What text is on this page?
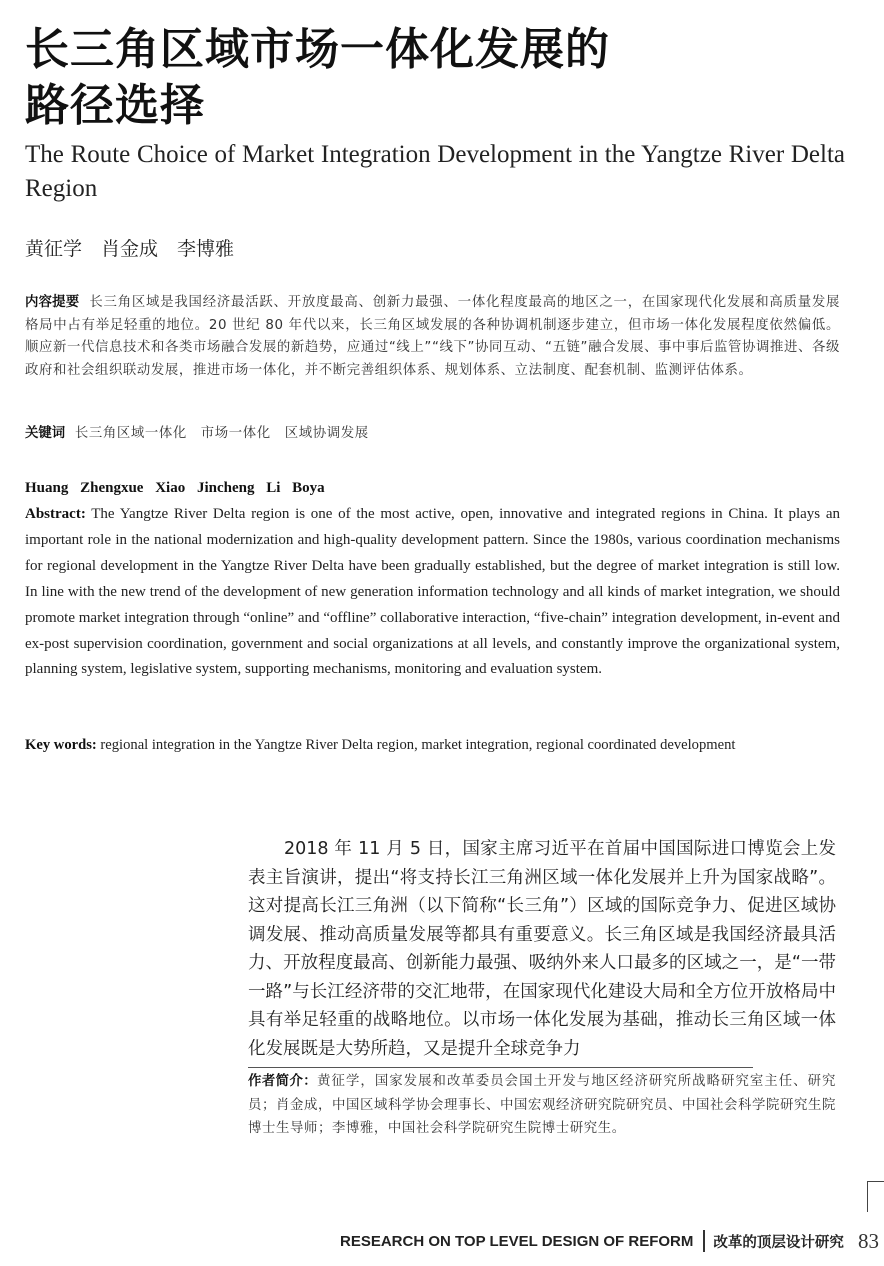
长三角区域市场一体化发展的
路径选择
The Route Choice of Market Integration Development in the Yangtze River Delta Region

黄征学　肖金成　李博雅

内容提要 长三角区域是我国经济最活跃、开放度最高、创新力最强、一体化程度最高的地区之一，在国家现代化发展和高质量发展格局中占有举足轻重的地位。20 世纪 80 年代以来，长三角区域发展的各种协调机制逐步建立，但市场一体化发展程度依然偏低。顺应新一代信息技术和各类市场融合发展的新趋势，应通过“线上”“线下”协同互动、“五链”融合发展、事中事后监管协调推进、各级政府和社会组织联动发展，推进市场一体化，并不断完善组织体系、规划体系、立法制度、配套机制、监测评估体系。

关键词 长三角区域一体化　市场一体化　区域协调发展

Huang Zhengxue Xiao Jincheng Li Boya

Abstract: The Yangtze River Delta region is one of the most active, open, innovative and integrated regions in China. It plays an important role in the national modernization and high-quality development pattern. Since the 1980s, various coordination mechanisms for regional development in the Yangtze River Delta have been gradually established, but the degree of market integration is still low. In line with the new trend of the development of new generation information technology and all kinds of market integration, we should promote market integration through “online” and “offline” collaborative interaction, “five-chain” integration development, in-event and ex-post supervision coordination, government and social organizations at all levels, and constantly improve the organizational system, planning system, legislative system, supporting mechanisms, monitoring and evaluation system.

Key words: regional integration in the Yangtze River Delta region, market integration, regional coordinated development

2018 年 11 月 5 日，国家主席习近平在首届中国国际进口博览会上发表主旨演讲，提出“将支持长江三角洲区域一体化发展并上升为国家战略”。这对提高长江三角洲（以下简称“长三角”）区域的国际竞争力、促进区域协调发展、推动高质量发展等都具有重要意义。长三角区域是我国经济最具活力、开放程度最高、创新能力最强、吸纳外来人口最多的区域之一，是“一带一路”与长江经济带的交汇地带，在国家现代化建设大局和全方位开放格局中具有举足轻重的战略地位。以市场一体化发展为基础，推动长三角区域一体化发展既是大势所趋，又是提升全球竞争力

作者简介：黄征学，国家发展和改革委员会国土开发与地区经济研究所战略研究室主任、研究员；肖金成，中国区域科学协会理事长、中国宏观经济研究院研究员、中国社会科学院研究生院博士生导师；李博雅，中国社会科学院研究生院博士研究生。

RESEARCH ON TOP LEVEL DESIGN OF REFORM 改革的顶层设计研究 83
